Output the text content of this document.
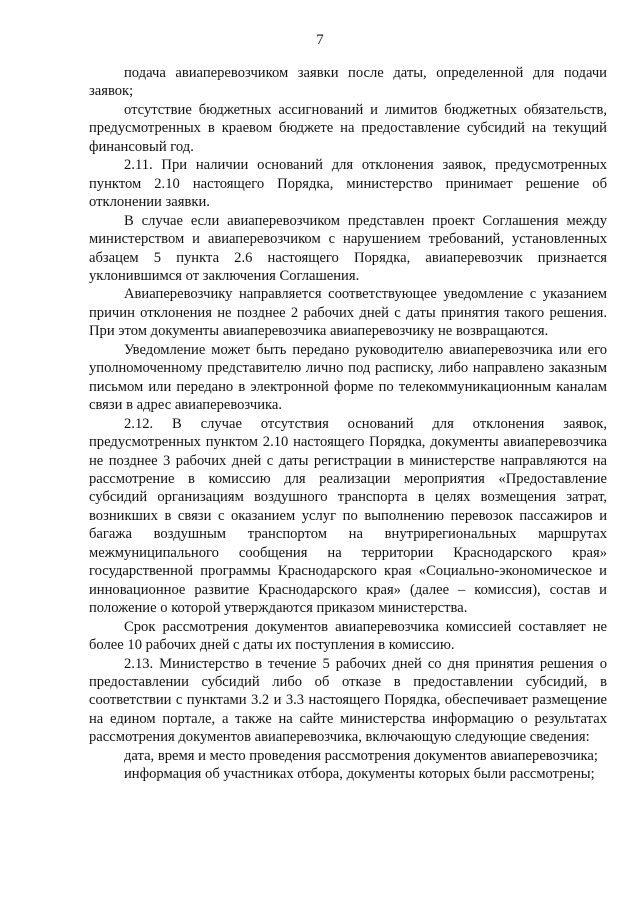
7

подача авиаперевозчиком заявки после даты, определенной для подачи заявок;

отсутствие бюджетных ассигнований и лимитов бюджетных обязательств, предусмотренных в краевом бюджете на предоставление субсидий на текущий финансовый год.

2.11. При наличии оснований для отклонения заявок, предусмотренных пунктом 2.10 настоящего Порядка, министерство принимает решение об отклонении заявки.

В случае если авиаперевозчиком представлен проект Соглашения между министерством и авиаперевозчиком с нарушением требований, установленных абзацем 5 пункта 2.6 настоящего Порядка, авиаперевозчик признается уклонившимся от заключения Соглашения.

Авиаперевозчику направляется соответствующее уведомление с указанием причин отклонения не позднее 2 рабочих дней с даты принятия такого решения. При этом документы авиаперевозчика авиаперевозчику не возвращаются.

Уведомление может быть передано руководителю авиаперевозчика или его уполномоченному представителю лично под расписку, либо направлено заказным письмом или передано в электронной форме по телекоммуникационным каналам связи в адрес авиаперевозчика.

2.12. В случае отсутствия оснований для отклонения заявок, предусмотренных пунктом 2.10 настоящего Порядка, документы авиаперевозчика не позднее 3 рабочих дней с даты регистрации в министерстве направляются на рассмотрение в комиссию для реализации мероприятия «Предоставление субсидий организациям воздушного транспорта в целях возмещения затрат, возникших в связи с оказанием услуг по выполнению перевозок пассажиров и багажа воздушным транспортом на внутрирегиональных маршрутах межмуниципального сообщения на территории Краснодарского края» государственной программы Краснодарского края «Социально-экономическое и инновационное развитие Краснодарского края» (далее – комиссия), состав и положение о которой утверждаются приказом министерства.

Срок рассмотрения документов авиаперевозчика комиссией составляет не более 10 рабочих дней с даты их поступления в комиссию.

2.13. Министерство в течение 5 рабочих дней со дня принятия решения о предоставлении субсидий либо об отказе в предоставлении субсидий, в соответствии с пунктами 3.2 и 3.3 настоящего Порядка, обеспечивает размещение на едином портале, а также на сайте министерства информацию о результатах рассмотрения документов авиаперевозчика, включающую следующие сведения:

дата, время и место проведения рассмотрения документов авиаперевозчика;

информация об участниках отбора, документы которых были рассмотрены;
